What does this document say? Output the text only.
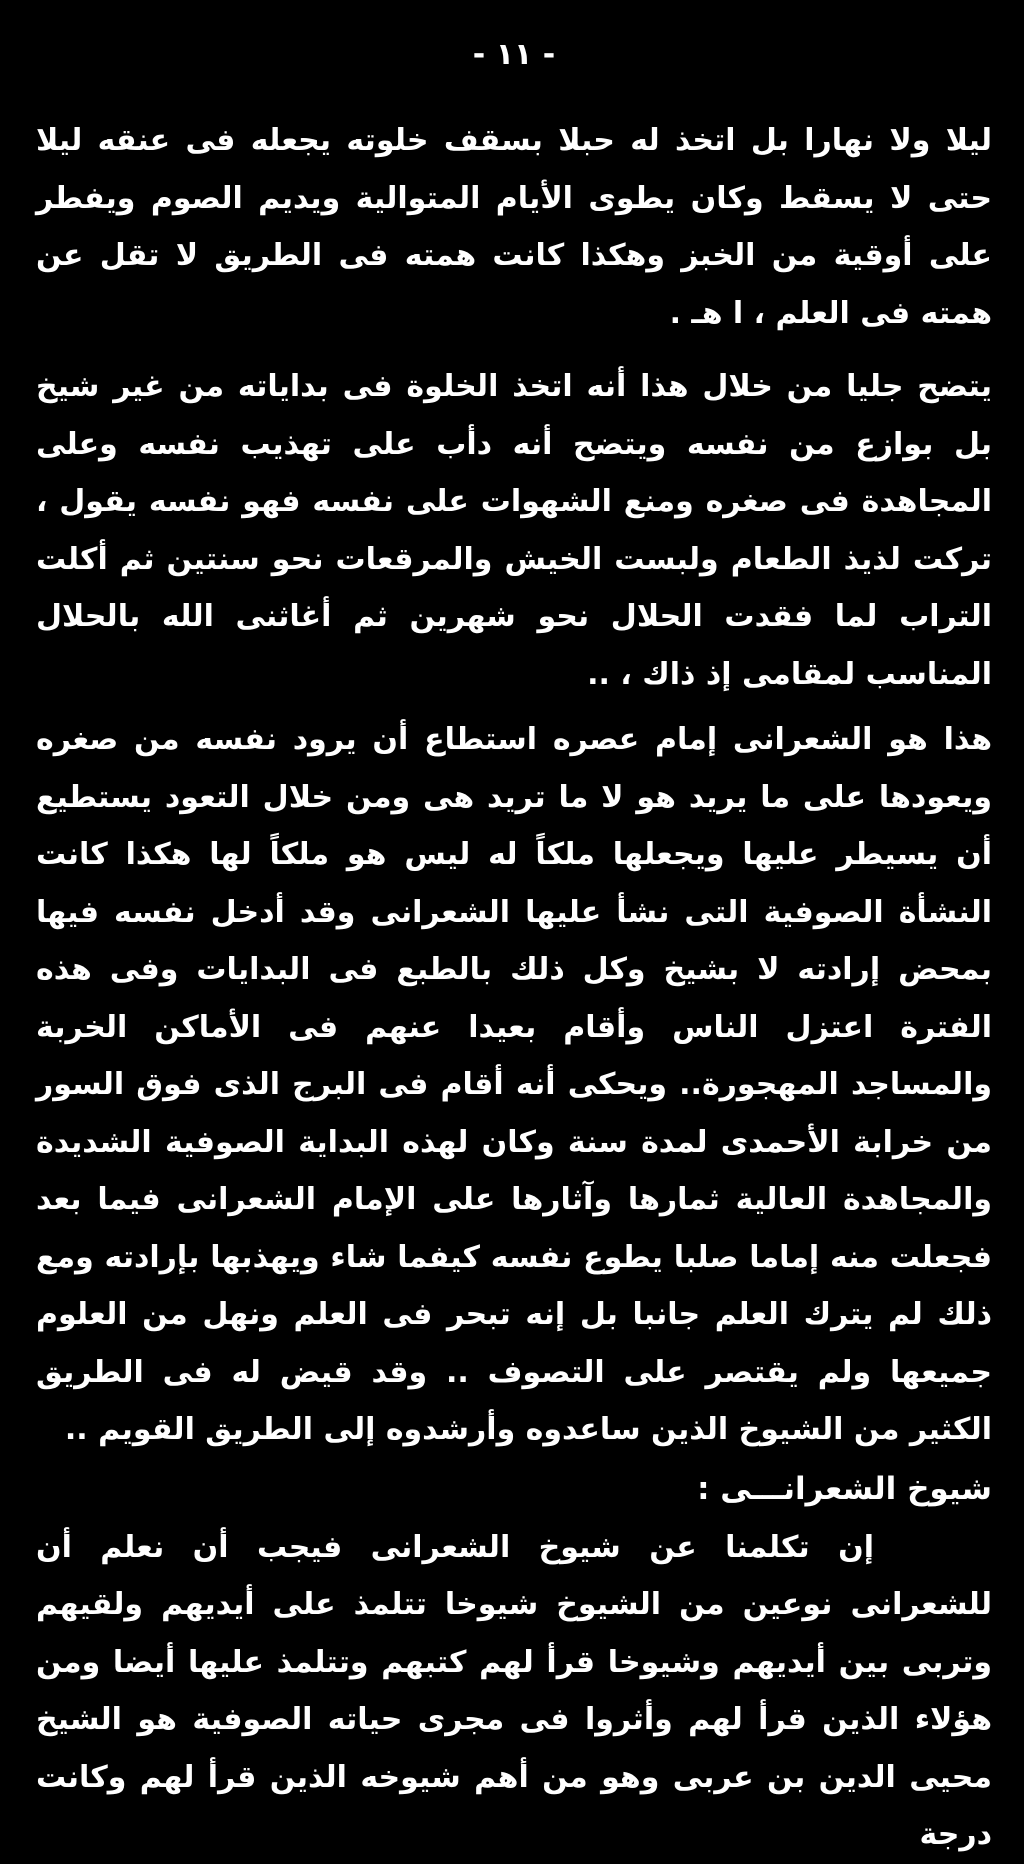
- ١١ -

ليلا ولا نهارا بل اتخذ له حبلا بسقف خلوته يجعله فى عنقه ليلا حتى لا يسقط وكان يطوى الأيام المتوالية ويديم الصوم ويفطر على أوقية من الخبز وهكذا كانت همته فى الطريق لا تقل عن همته فى العلم ، ا هـ .

يتضح جليا من خلال هذا أنه اتخذ الخلوة فى بداياته من غير شيخ بل بوازع من نفسه ويتضح أنه دأب على تهذيب نفسه وعلى المجاهدة فى صغره ومنع الشهوات على نفسه فهو نفسه يقول ، تركت لذيذ الطعام ولبست الخيش والمرقعات نحو سنتين ثم أكلت التراب لما فقدت الحلال نحو شهرين ثم أغاثنى الله بالحلال المناسب لمقامى إذ ذاك ، ..

هذا هو الشعرانى إمام عصره استطاع أن يرود نفسه من صغره ويعودها على ما يريد هو لا ما تريد هى ومن خلال التعود يستطيع أن يسيطر عليها ويجعلها ملكاً له ليس هو ملكاً لها هكذا كانت النشأة الصوفية التى نشأ عليها الشعرانى وقد أدخل نفسه فيها بمحض إرادته لا بشيخ وكل ذلك بالطبع فى البدايات وفى هذه الفترة اعتزل الناس وأقام بعيدا عنهم فى الأماكن الخربة والمساجد المهجورة.. ويحكى أنه أقام فى البرج الذى فوق السور من خرابة الأحمدى لمدة سنة وكان لهذه البداية الصوفية الشديدة والمجاهدة العالية ثمارها وآثارها على الإمام الشعرانى فيما بعد فجعلت منه إماما صلبا يطوع نفسه كيفما شاء ويهذبها بإرادته ومع ذلك لم يترك العلم جانبا بل إنه تبحر فى العلم ونهل من العلوم جميعها ولم يقتصر على التصوف .. وقد قيض له فى الطريق الكثير من الشيوخ الذين ساعدوه وأرشدوه إلى الطريق القويم ..

شيوخ الشعرانـــى :

إن تكلمنا عن شيوخ الشعرانى فيجب أن نعلم أن للشعرانى نوعين من الشيوخ شيوخا تتلمذ على أيديهم ولقيهم وتربى بين أيديهم وشيوخا قرأ لهم كتبهم وتتلمذ عليها أيضا ومن هؤلاء الذين قرأ لهم وأثروا فى مجرى حياته الصوفية هو الشيخ محيى الدين بن عربى وهو من أهم شيوخه الذين قرأ لهم وكانت درجة
